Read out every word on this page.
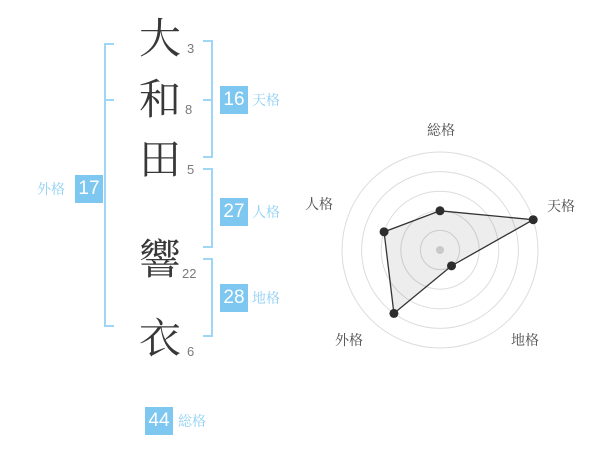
大
和
田
響
衣
3
8
5
22
6
16 天格
27 人格
28 地格
17
外格
44 総格
総格
天格
地格
外格
人格
